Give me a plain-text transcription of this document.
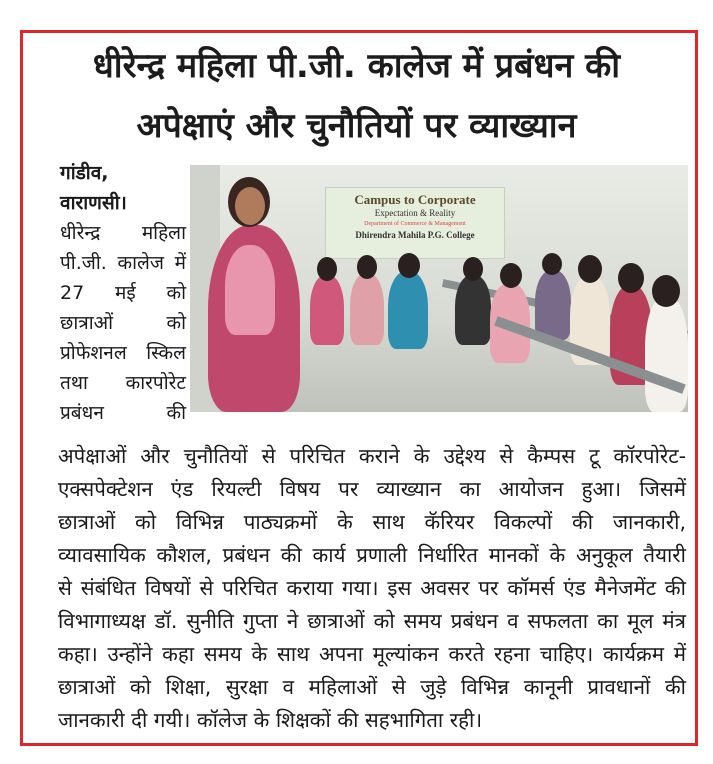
धीरेन्द्र महिला पी.जी. कालेज में प्रबंधन की
अपेक्षाएं और चुनौतियों पर व्याख्यान
गांडीव,
वाराणसी।
धीरेन्द्र महिला
पी.जी. कालेज में
27 मई को
छात्राओं को
प्रोफेशनल स्किल
तथा कारपोरेट
प्रबंधन की
Campus to Corporate
Expectation & Reality
Department of Commerce & Management
Dhirendra Mahila P.G. College
अपेक्षाओं और चुनौतियों से परिचित कराने के उद्देश्य से कैम्पस टू कॉरपोरेट-
एक्सपेक्टेशन एंड रियल्टी विषय पर व्याख्यान का आयोजन हुआ। जिसमें
छात्राओं को विभिन्न पाठ्यक्रमों के साथ कॅरियर विकल्पों की जानकारी,
व्यावसायिक कौशल, प्रबंधन की कार्य प्रणाली निर्धारित मानकों के अनुकूल तैयारी
से संबंधित विषयों से परिचित कराया गया। इस अवसर पर कॉमर्स एंड मैनेजमेंट की
विभागाध्यक्ष डॉ. सुनीति गुप्ता ने छात्राओं को समय प्रबंधन व सफलता का मूल मंत्र
कहा। उन्होंने कहा समय के साथ अपना मूल्यांकन करते रहना चाहिए। कार्यक्रम में
छात्राओं को शिक्षा, सुरक्षा व महिलाओं से जुड़े विभिन्न कानूनी प्रावधानों की
जानकारी दी गयी। कॉलेज के शिक्षकों की सहभागिता रही।
